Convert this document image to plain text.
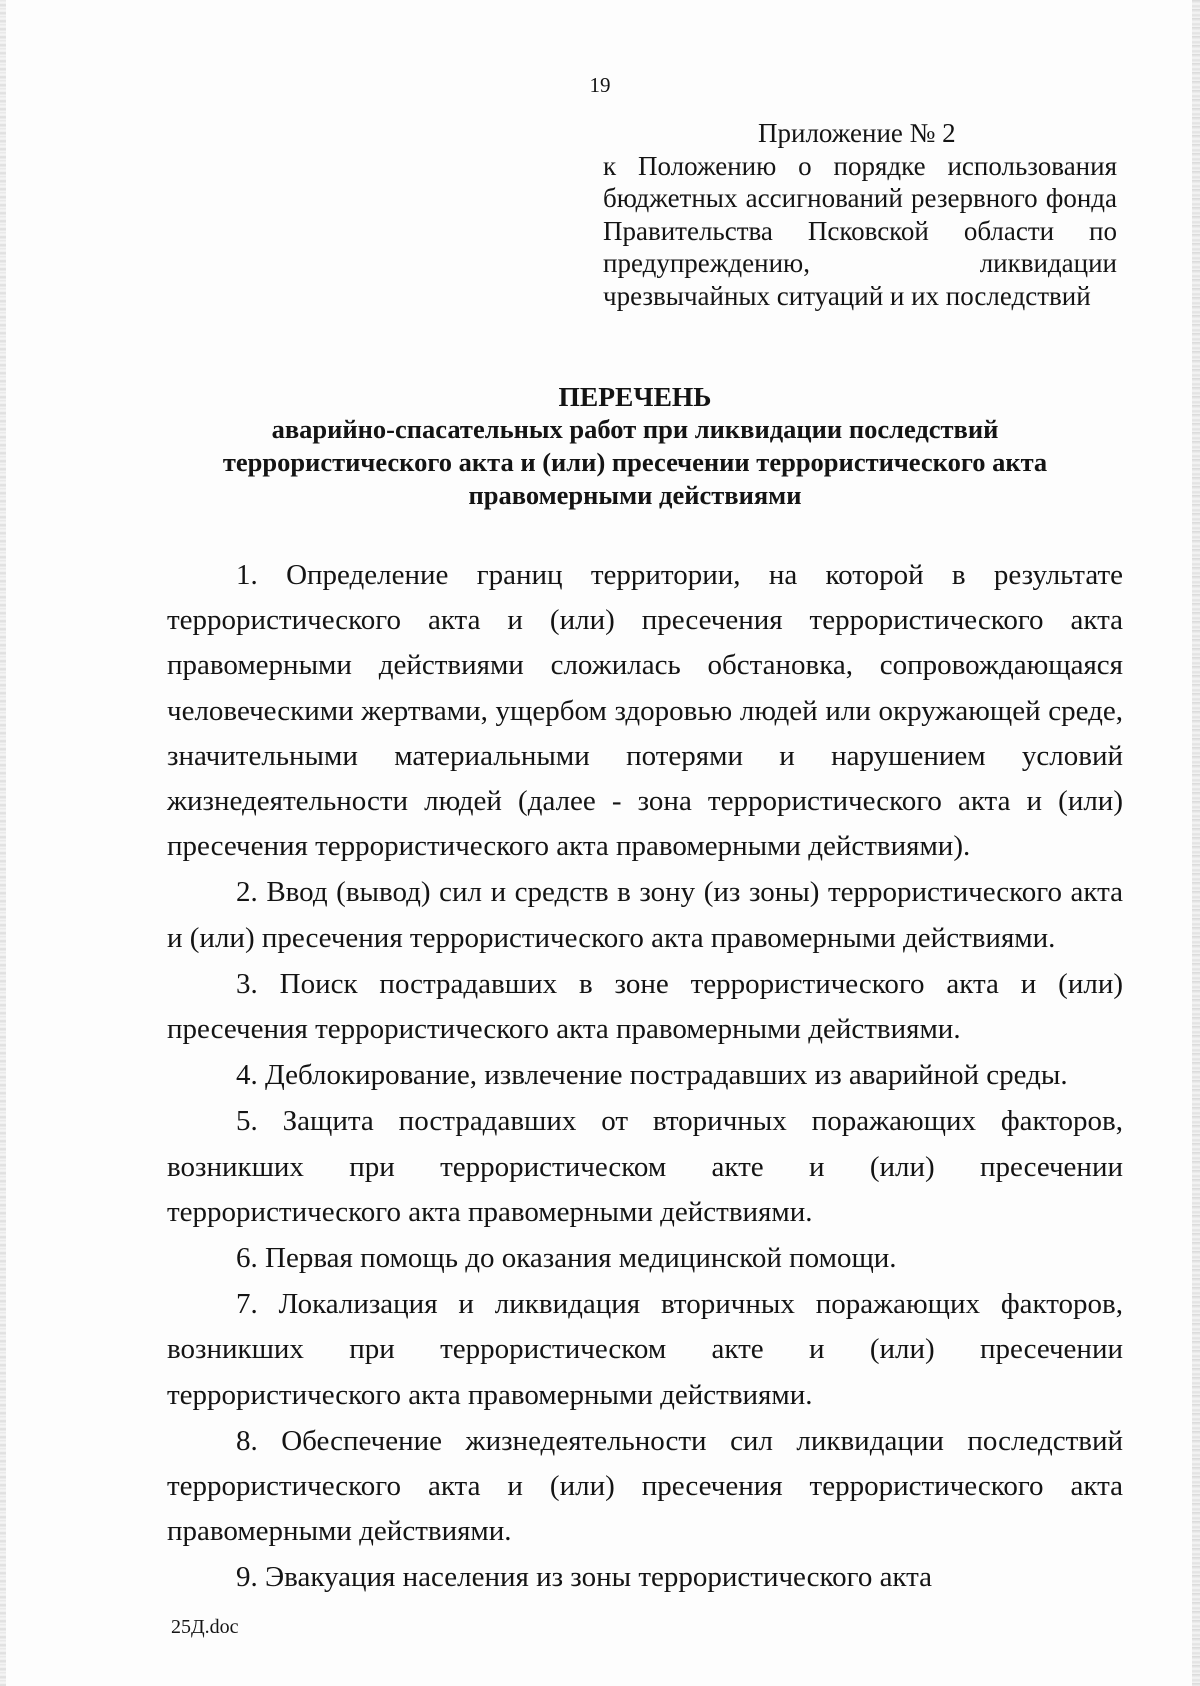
19
Приложение № 2
к Положению о порядке использования бюджетных ассигнований резервного фонда Правительства Псковской области по предупреждению, ликвидации чрезвычайных ситуаций и их последствий
ПЕРЕЧЕНЬ
аварийно-спасательных работ при ликвидации последствий
террористического акта и (или) пресечении террористического акта
правомерными действиями

1. Определение границ территории, на которой в результате террористического акта и (или) пресечения террористического акта правомерными действиями сложилась обстановка, сопровождающаяся человеческими жертвами, ущербом здоровью людей или окружающей среде, значительными материальными потерями и нарушением условий жизнедеятельности людей (далее - зона террористического акта и (или) пресечения террористического акта правомерными действиями).

2. Ввод (вывод) сил и средств в зону (из зоны) террористического акта и (или) пресечения террористического акта правомерными действиями.

3. Поиск пострадавших в зоне террористического акта и (или) пресечения террористического акта правомерными действиями.

4. Деблокирование, извлечение пострадавших из аварийной среды.

5. Защита пострадавших от вторичных поражающих факторов, возникших при террористическом акте и (или) пресечении террористического акта правомерными действиями.

6. Первая помощь до оказания медицинской помощи.

7. Локализация и ликвидация вторичных поражающих факторов, возникших при террористическом акте и (или) пресечении террористического акта правомерными действиями.

8. Обеспечение жизнедеятельности сил ликвидации последствий террористического акта и (или) пресечения террористического акта правомерными действиями.

9. Эвакуация населения из зоны террористического акта

25Д.doc
